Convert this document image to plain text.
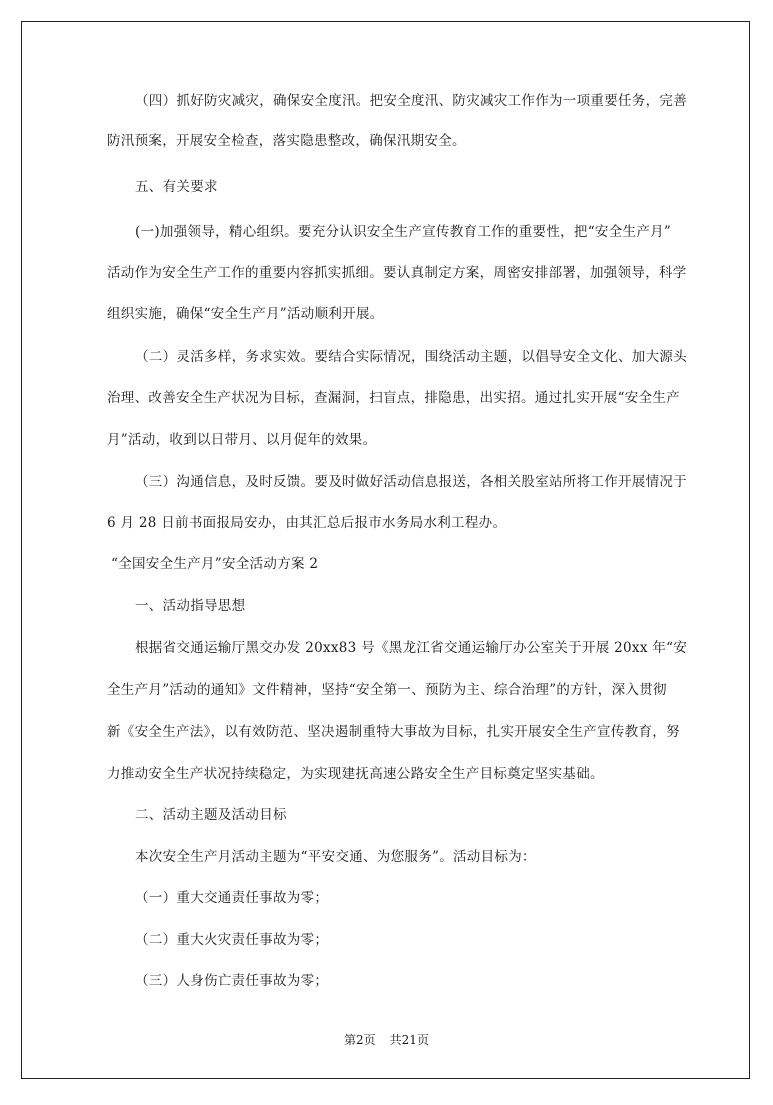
（四）抓好防灾减灾，确保安全度汛。把安全度汛、防灾减灾工作作为一项重要任务，完善
防汛预案，开展安全检查，落实隐患整改，确保汛期安全。
五、有关要求
(一)加强领导，精心组织。要充分认识安全生产宣传教育工作的重要性，把“安全生产月”
活动作为安全生产工作的重要内容抓实抓细。要认真制定方案，周密安排部署，加强领导，科学
组织实施，确保“安全生产月”活动顺利开展。
（二）灵活多样，务求实效。要结合实际情况，围绕活动主题，以倡导安全文化、加大源头
治理、改善安全生产状况为目标，查漏洞，扫盲点，排隐患，出实招。通过扎实开展“安全生产
月”活动，收到以日带月、以月促年的效果。
（三）沟通信息，及时反馈。要及时做好活动信息报送，各相关股室站所将工作开展情况于
6 月 28 日前书面报局安办，由其汇总后报市水务局水利工程办。
“全国安全生产月”安全活动方案 2
一、活动指导思想
根据省交通运输厅黑交办发 20xx83 号《黑龙江省交通运输厅办公室关于开展 20xx 年“安
全生产月”活动的通知》文件精神，坚持“安全第一、预防为主、综合治理”的方针，深入贯彻
新《安全生产法》，以有效防范、坚决遏制重特大事故为目标，扎实开展安全生产宣传教育，努
力推动安全生产状况持续稳定，为实现建抚高速公路安全生产目标奠定坚实基础。
二、活动主题及活动目标
本次安全生产月活动主题为“平安交通、为您服务”。活动目标为：
（一）重大交通责任事故为零；
（二）重大火灾责任事故为零；
（三）人身伤亡责任事故为零；
第2页 共21页
